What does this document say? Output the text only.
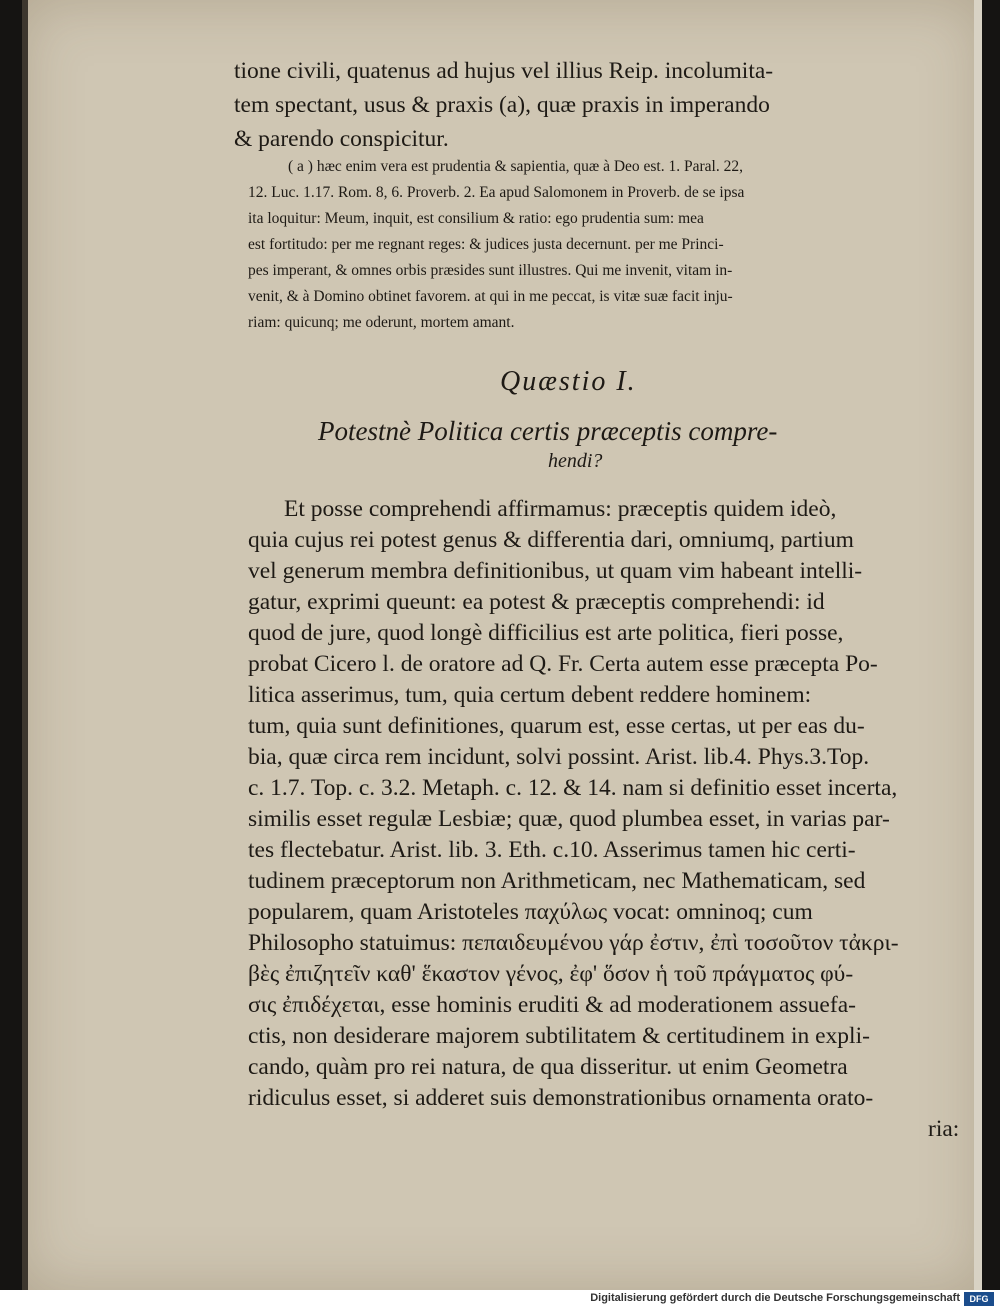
tione civili, quatenus ad hujus vel illius Reip. incolumita-
tem spectant, usus & praxis (a), quæ praxis in imperando
& parendo conspicitur.
( a ) hæc enim vera est prudentia & sapientia, quæ à Deo est. 1. Paral. 22,
12. Luc. 1.17. Rom. 8, 6. Proverb. 2. Ea apud Salomonem in Proverb. de se ipsa
ita loquitur: Meum, inquit, est consilium & ratio: ego prudentia sum: mea
est fortitudo: per me regnant reges: & judices justa decernunt. per me Princi-
pes imperant, & omnes orbis præsides sunt illustres. Qui me invenit, vitam in-
venit, & à Domino obtinet favorem. at qui in me peccat, is vitæ suæ facit inju-
riam: quicunq; me oderunt, mortem amant.
Quæstio I.
Potestnè Politica certis præceptis compre-
hendi?
Et posse comprehendi affirmamus: præceptis quidem ideò,
quia cujus rei potest genus & differentia dari, omniumq, partium
vel generum membra definitionibus, ut quam vim habeant intelli-
gatur, exprimi queunt: ea potest & præceptis comprehendi: id
quod de jure, quod longè difficilius est arte politica, fieri posse,
probat Cicero l. de oratore ad Q. Fr. Certa autem esse præcepta Po-
litica asserimus, tum, quia certum debent reddere hominem:
tum, quia sunt definitiones, quarum est, esse certas, ut per eas du-
bia, quæ circa rem incidunt, solvi possint. Arist. lib.4. Phys.3.Top.
c. 1.7. Top. c. 3.2. Metaph. c. 12. & 14. nam si definitio esset incerta,
similis esset regulæ Lesbiæ; quæ, quod plumbea esset, in varias par-
tes flectebatur. Arist. lib. 3. Eth. c.10. Asserimus tamen hic certi-
tudinem præceptorum non Arithmeticam, nec Mathematicam, sed
popularem, quam Aristoteles παχύλως vocat: omninoq; cum
Philosopho statuimus: πεπαιδευμένου γάρ ἐστιν, ἐπὶ τοσοῦτον τἀκρι-
βὲς ἐπιζητεῖν καθ' ἕκαστον γένος, ἐφ' ὅσον ἡ τοῦ πράγματος φύ-
σις ἐπιδέχεται, esse hominis eruditi & ad moderationem assuefa-
ctis, non desiderare majorem subtilitatem & certitudinem in expli-
cando, quàm pro rei natura, de qua disseritur. ut enim Geometra
ridiculus esset, si adderet suis demonstrationibus ornamenta orato-
ria:
Digitalisierung gefördert durch die Deutsche Forschungsgemeinschaft	DFG
